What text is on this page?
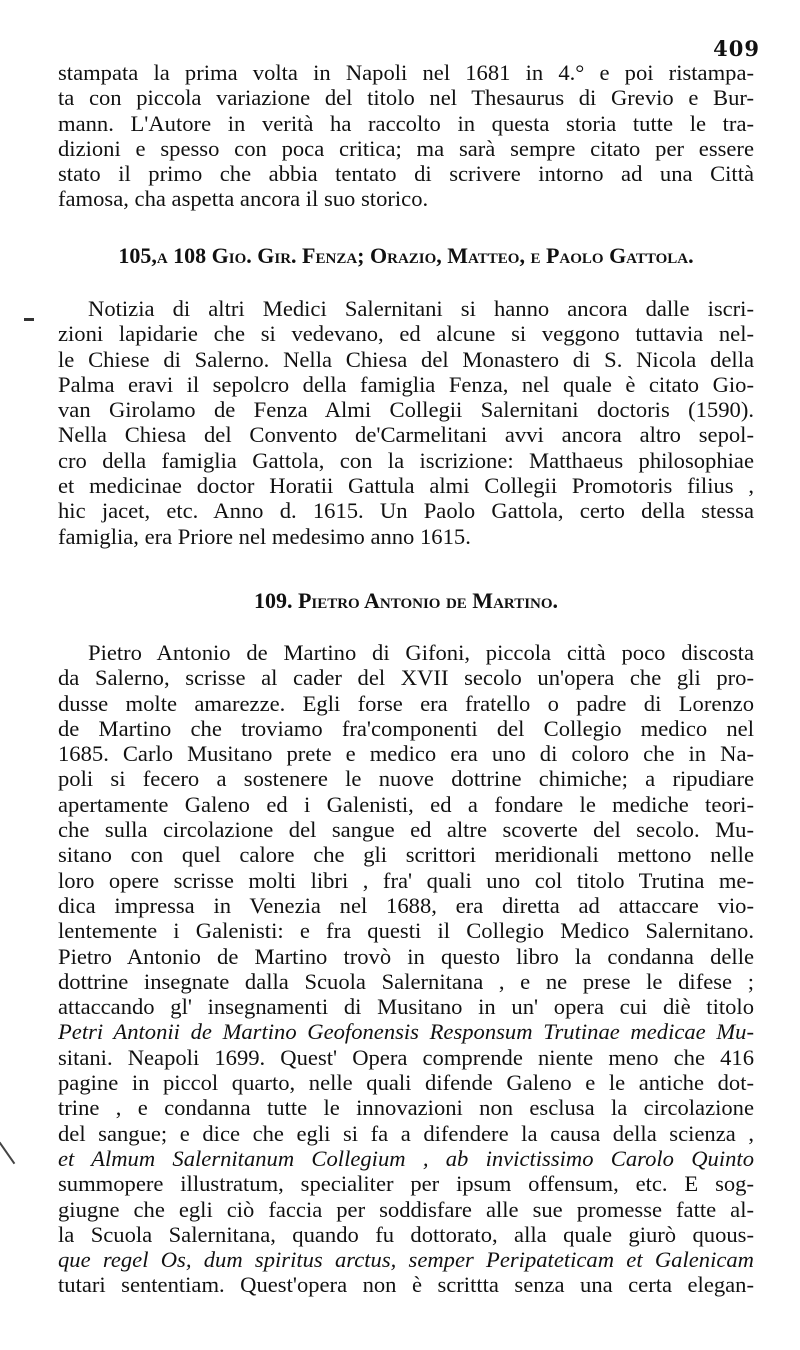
409
stampata la prima volta in Napoli nel 1681 in 4.° e poi ristampa-
ta con piccola variazione del titolo nel Thesaurus di Grevio e Bur-
mann. L'Autore in verità ha raccolto in questa storia tutte le tra-
dizioni e spesso con poca critica; ma sarà sempre citato per essere
stato il primo che abbia tentato di scrivere intorno ad una Città
famosa, cha aspetta ancora il suo storico.
105,a 108 Gio. Gir. Fenza; Orazio, Matteo, e Paolo Gattola.
Notizia di altri Medici Salernitani si hanno ancora dalle iscri-
zioni lapidarie che si vedevano, ed alcune si veggono tuttavia nel-
le Chiese di Salerno. Nella Chiesa del Monastero di S. Nicola della
Palma eravi il sepolcro della famiglia Fenza, nel quale è citato Gio-
van Girolamo de Fenza Almi Collegii Salernitani doctoris (1590).
Nella Chiesa del Convento de'Carmelitani avvi ancora altro sepol-
cro della famiglia Gattola, con la iscrizione: Matthaeus philosophiae
et medicinae doctor Horatii Gattula almi Collegii Promotoris filius ,
hic jacet, etc. Anno d. 1615. Un Paolo Gattola, certo della stessa
famiglia, era Priore nel medesimo anno 1615.
109. Pietro Antonio de Martino.
Pietro Antonio de Martino di Gifoni, piccola città poco discosta
da Salerno, scrisse al cader del XVII secolo un'opera che gli pro-
dusse molte amarezze. Egli forse era fratello o padre di Lorenzo
de Martino che troviamo fra'componenti del Collegio medico nel
1685. Carlo Musitano prete e medico era uno di coloro che in Na-
poli si fecero a sostenere le nuove dottrine chimiche; a ripudiare
apertamente Galeno ed i Galenisti, ed a fondare le mediche teori-
che sulla circolazione del sangue ed altre scoverte del secolo. Mu-
sitano con quel calore che gli scrittori meridionali mettono nelle
loro opere scrisse molti libri , fra' quali uno col titolo Trutina me-
dica impressa in Venezia nel 1688, era diretta ad attaccare vio-
lentemente i Galenisti: e fra questi il Collegio Medico Salernitano.
Pietro Antonio de Martino trovò in questo libro la condanna delle
dottrine insegnate dalla Scuola Salernitana , e ne prese le difese ;
attaccando gl' insegnamenti di Musitano in un' opera cui diè titolo
Petri Antonii de Martino Geofonensis Responsum Trutinae medicae Mu-
sitani. Neapoli 1699. Quest' Opera comprende niente meno che 416
pagine in piccol quarto, nelle quali difende Galeno e le antiche dot-
trine , e condanna tutte le innovazioni non esclusa la circolazione
del sangue; e dice che egli si fa a difendere la causa della scienza ,
et Almum Salernitanum Collegium , ab invictissimo Carolo Quinto
summopere illustratum, specialiter per ipsum offensum, etc. E sog-
giugne che egli ciò faccia per soddisfare alle sue promesse fatte al-
la Scuola Salernitana, quando fu dottorato, alla quale giurò quous-
que regel Os, dum spiritus arctus, semper Peripateticam et Galenicam
tutari sententiam. Quest'opera non è scrittta senza una certa elegan-
